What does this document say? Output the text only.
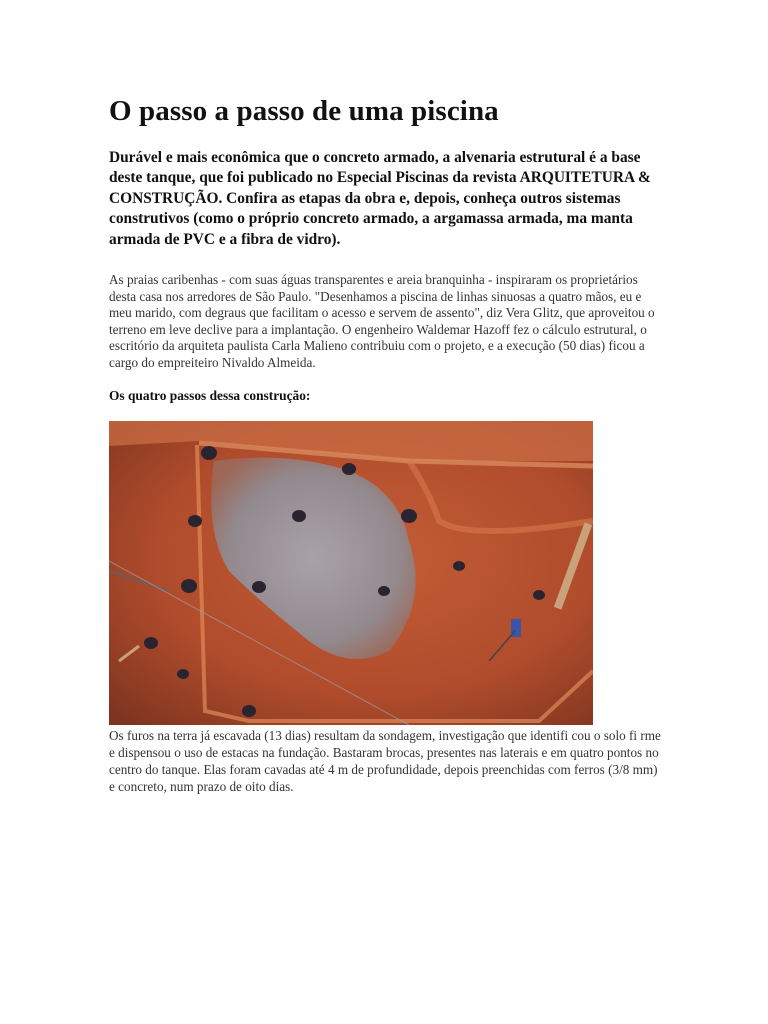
O passo a passo de uma piscina

Durável e mais econômica que o concreto armado, a alvenaria estrutural é a base deste tanque, que foi publicado no Especial Piscinas da revista ARQUITETURA & CONSTRUÇÃO. Confira as etapas da obra e, depois, conheça outros sistemas construtivos (como o próprio concreto armado, a argamassa armada, ma manta armada de PVC e a fibra de vidro).

As praias caribenhas - com suas águas transparentes e areia branquinha - inspiraram os proprietários desta casa nos arredores de São Paulo. "Desenhamos a piscina de linhas sinuosas a quatro mãos, eu e meu marido, com degraus que facilitam o acesso e servem de assento", diz Vera Glitz, que aproveitou o terreno em leve declive para a implantação. O engenheiro Waldemar Hazoff fez o cálculo estrutural, o escritório da arquiteta paulista Carla Malieno contribuiu com o projeto, e a execução (50 dias) ficou a cargo do empreiteiro Nivaldo Almeida.

Os quatro passos dessa construção:

Os furos na terra já escavada (13 dias) resultam da sondagem, investigação que identifi cou o solo fi rme e dispensou o uso de estacas na fundação. Bastaram brocas, presentes nas laterais e em quatro pontos no centro do tanque. Elas foram cavadas até 4 m de profundidade, depois preenchidas com ferros (3/8 mm) e concreto, num prazo de oito dias.
